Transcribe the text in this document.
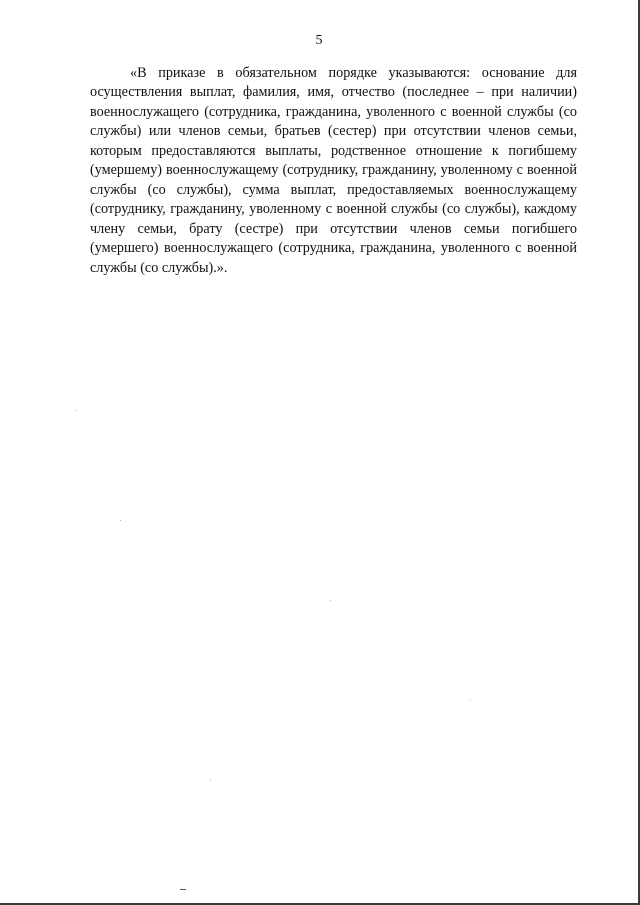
5

«В приказе в обязательном порядке указываются: основание для осуществления выплат, фамилия, имя, отчество (последнее – при наличии) военнослужащего (сотрудника, гражданина, уволенного с военной службы (со службы) или членов семьи, братьев (сестер) при отсутствии членов семьи, которым предоставляются выплаты, родственное отношение к погибшему (умершему) военнослужащему (сотруднику, гражданину, уволенному с военной службы (со службы), сумма выплат, предоставляемых военнослужащему (сотруднику, гражданину, уволенному с военной службы (со службы), каждому члену семьи, брату (сестре) при отсутствии членов семьи погибшего (умершего) военнослужащего (сотрудника, гражданина, уволенного с военной службы (со службы).».
